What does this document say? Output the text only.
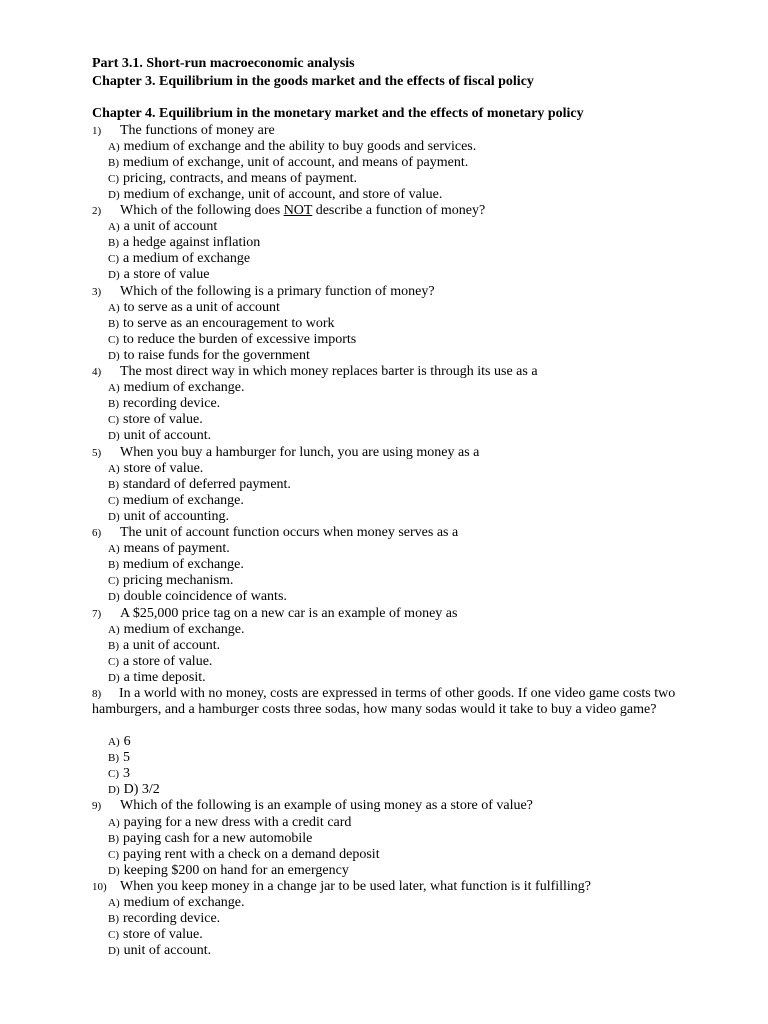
Part 3.1. Short-run macroeconomic analysis
Chapter 3. Equilibrium in the goods market and the effects of fiscal policy
Chapter 4. Equilibrium in the monetary market and the effects of monetary policy
1)	The functions of money are
A) medium of exchange and the ability to buy goods and services.
B) medium of exchange, unit of account, and means of payment.
C) pricing, contracts, and means of payment.
D) medium of exchange, unit of account, and store of value.
2)	Which of the following does NOT describe a function of money?
A) a unit of account
B) a hedge against inflation
C) a medium of exchange
D) a store of value
3)	Which of the following is a primary function of money?
A) to serve as a unit of account
B) to serve as an encouragement to work
C) to reduce the burden of excessive imports
D) to raise funds for the government
4)	The most direct way in which money replaces barter is through its use as a
A) medium of exchange.
B) recording device.
C) store of value.
D) unit of account.
5)	When you buy a hamburger for lunch, you are using money as a
A) store of value.
B) standard of deferred payment.
C) medium of exchange.
D) unit of accounting.
6)	The unit of account function occurs when money serves as a
A) means of payment.
B) medium of exchange.
C) pricing mechanism.
D) double coincidence of wants.
7)	A $25,000 price tag on a new car is an example of money as
A) medium of exchange.
B) a unit of account.
C) a store of value.
D) a time deposit.
8)	In a world with no money, costs are expressed in terms of other goods. If one video game costs two hamburgers, and a hamburger costs three sodas, how many sodas would it take to buy a video game?
A) 6
B) 5
C) 3
D) D) 3/2
9)	Which of the following is an example of using money as a store of value?
A) paying for a new dress with a credit card
B) paying cash for a new automobile
C) paying rent with a check on a demand deposit
D) keeping $200 on hand for an emergency
10) When you keep money in a change jar to be used later, what function is it fulfilling?
A) medium of exchange.
B) recording device.
C) store of value.
D) unit of account.
